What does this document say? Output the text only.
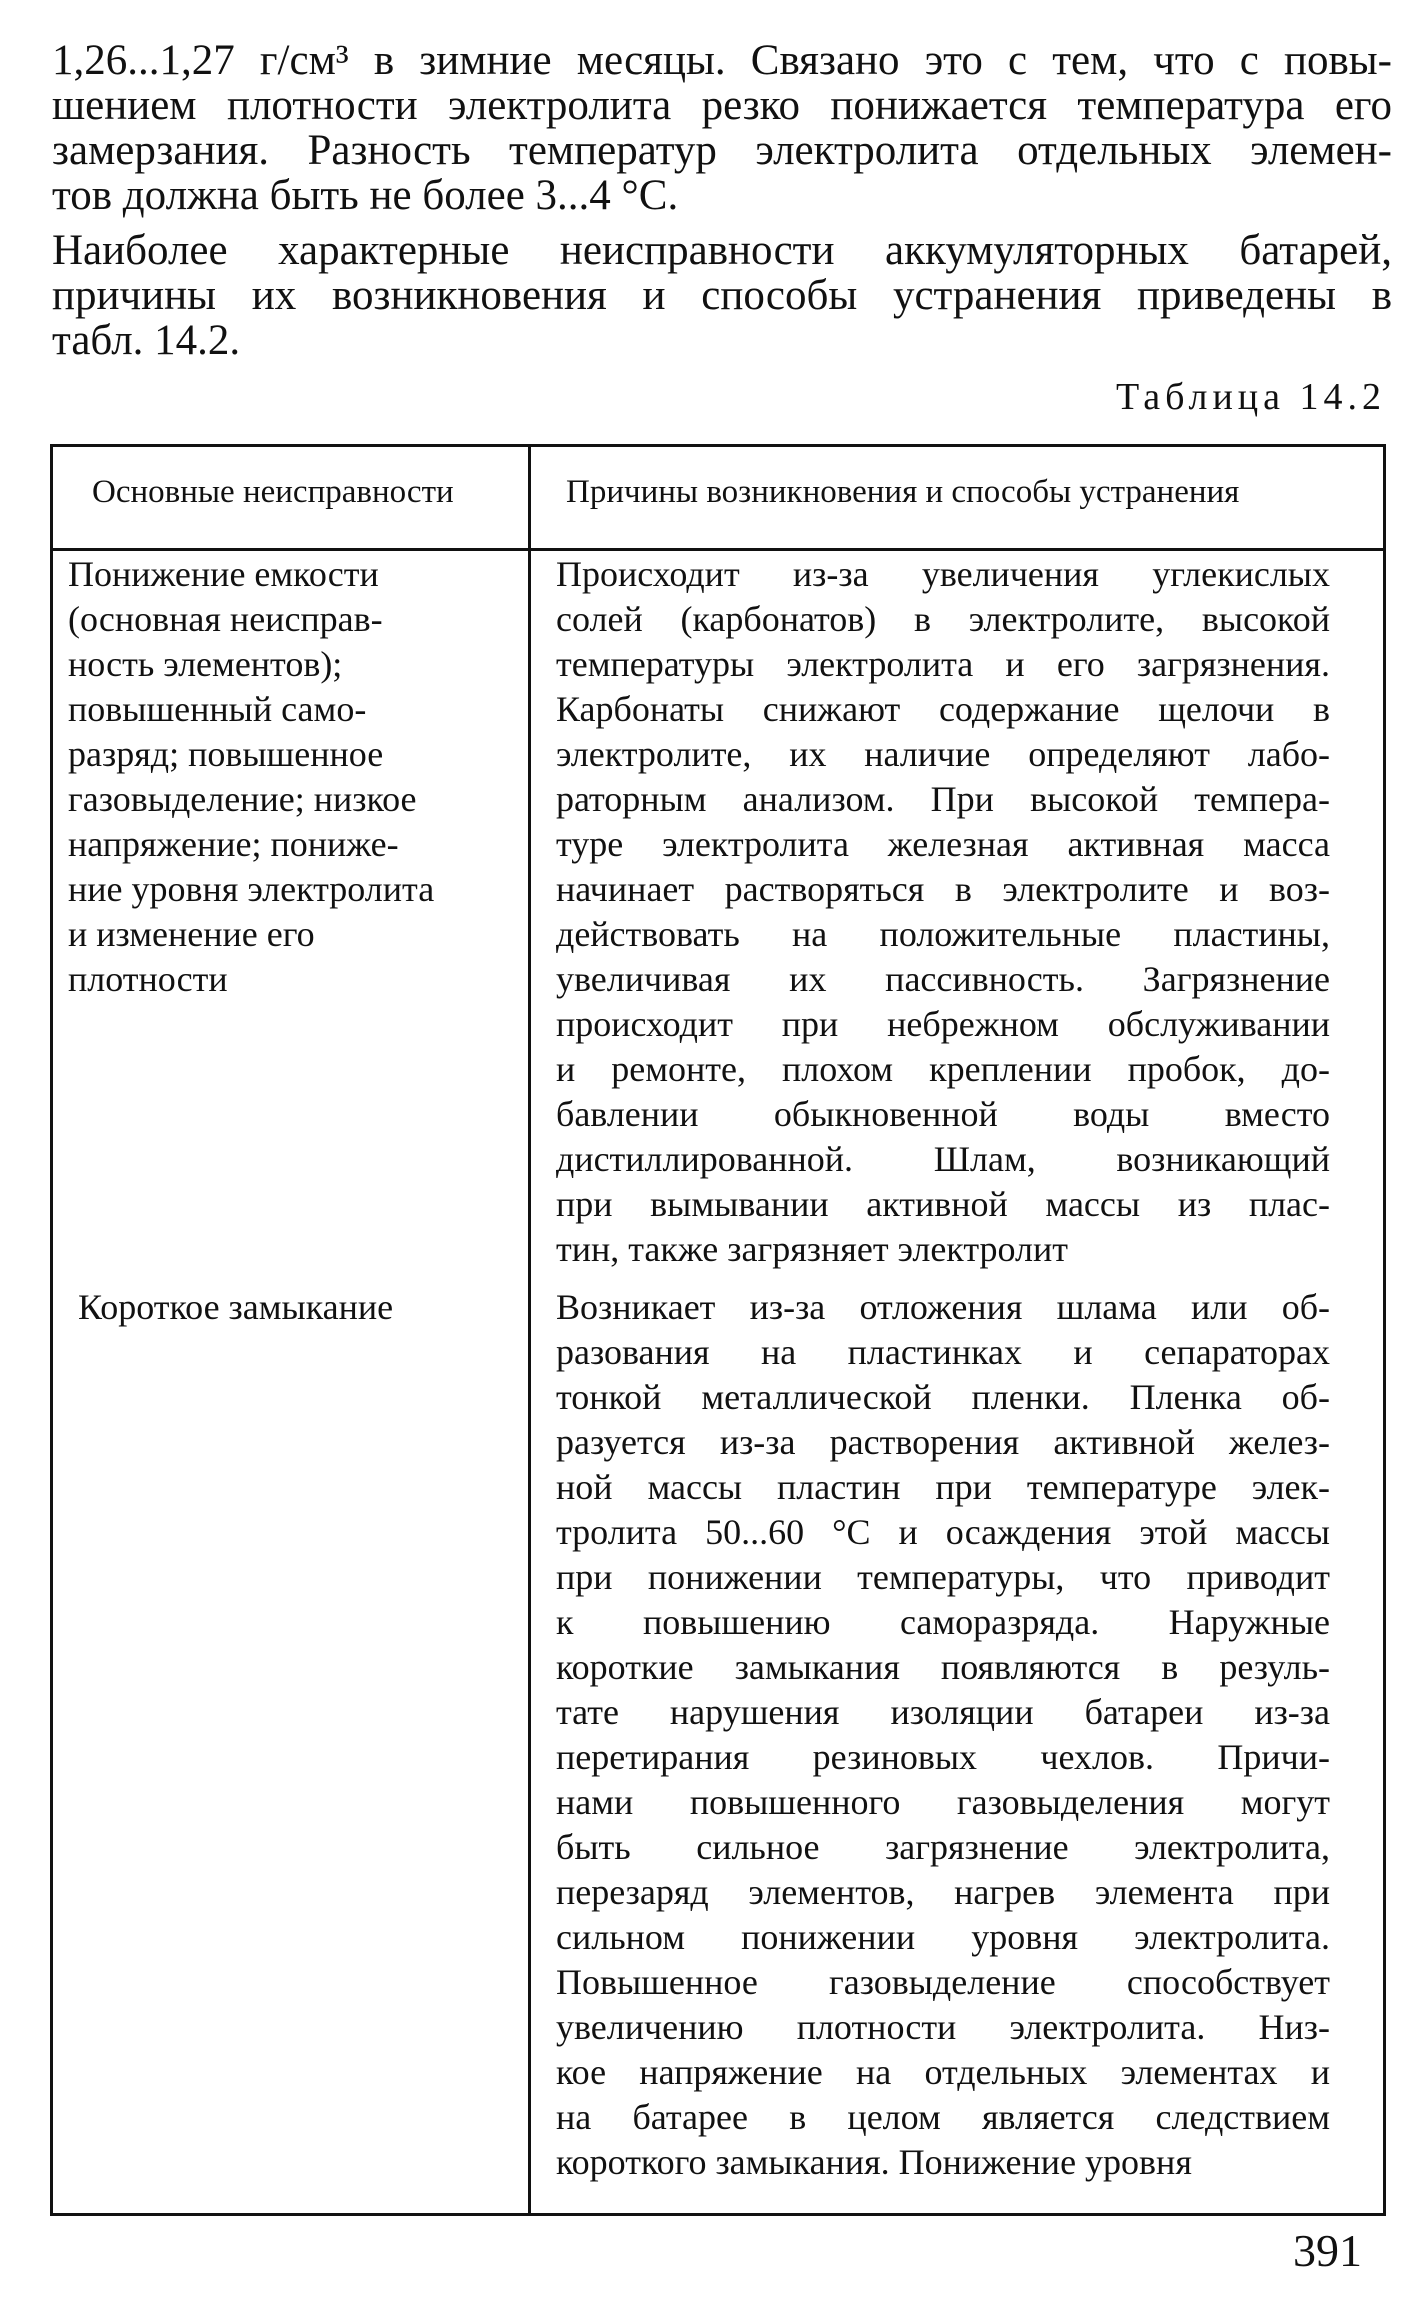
1,26...1,27 г/см³ в зимние месяцы. Связано это с тем, что с повы-
шением плотности электролита резко понижается температура его
замерзания. Разность температур электролита отдельных элемен-
тов должна быть не более 3...4 °С.
Наиболее характерные неисправности аккумуляторных батарей,
причины их возникновения и способы устранения приведены в
табл. 14.2.

Таблица 14.2

Основные неисправности	Причины возникновения и способы устранения

Понижение емкости
(основная неисправ-
ность элементов);
повышенный само-
разряд; повышенное
газовыделение; низкое
напряжение; пониже-
ние уровня электролита
и изменение его
плотности
Происходит из-за увеличения углекислых
солей (карбонатов) в электролите, высокой
температуры электролита и его загрязнения.
Карбонаты снижают содержание щелочи в
электролите, их наличие определяют лабо-
раторным анализом. При высокой темпера-
туре электролита железная активная масса
начинает растворяться в электролите и воз-
действовать на положительные пластины,
увеличивая их пассивность. Загрязнение
происходит при небрежном обслуживании
и ремонте, плохом креплении пробок, до-
бавлении обыкновенной воды вместо
дистиллированной. Шлам, возникающий
при вымывании активной массы из плас-
тин, также загрязняет электролит
Короткое замыкание	Возникает из-за отложения шлама или об-
разования на пластинках и сепараторах
тонкой металлической пленки. Пленка об-
разуется из-за растворения активной желез-
ной массы пластин при температуре элек-
тролита 50...60 °С и осаждения этой массы
при понижении температуры, что приводит
к повышению саморазряда. Наружные
короткие замыкания появляются в резуль-
тате нарушения изоляции батареи из-за
перетирания резиновых чехлов. Причи-
нами повышенного газовыделения могут
быть сильное загрязнение электролита,
перезаряд элементов, нагрев элемента при
сильном понижении уровня электролита.
Повышенное газовыделение способствует
увеличению плотности электролита. Низ-
кое напряжение на отдельных элементах и
на батарее в целом является следствием
короткого замыкания. Понижение уровня

391
